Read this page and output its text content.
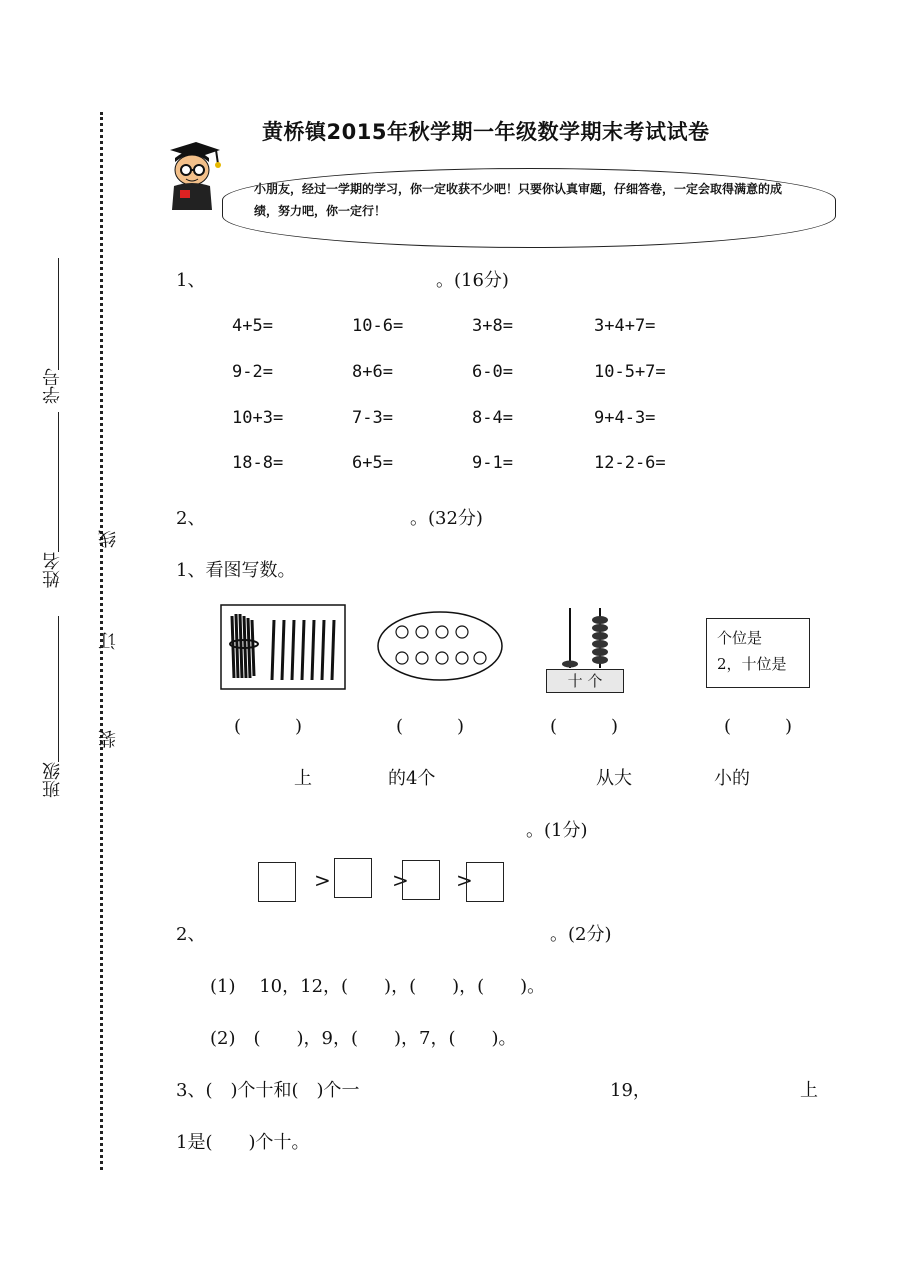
学号
姓名
班级
装
订
线
黄桥镇2015年秋学期一年级数学期末考试试卷
小朋友，经过一学期的学习，你一定收获不少吧！只要你认真审题，仔细答卷，一定会取得满意的成绩，努力吧，你一定行！
1、	。(16分)
4+5=	10-6=	3+8=	3+4+7=
9-2=	8+6=	6-0=	10-5+7=
10+3=	7-3=	8-4=	9+4-3=
18-8=	6+5=	9-1=	12-2-6=
2、	。(32分)
1、看图写数。
十 个
个位是
2，十位是
(　　　)	(　　　)	(　　　)	(　　　)
上	的4个	从大	小的
。(1分)
>	> >
2、	。(2分)
(1)　 10，12，(　　)，(　　)，(　　)。
(2)　(　　)，9，(　　)，7，(　　)。
3、(　)个十和(　)个一	19，	上
1是(　　)个十。
